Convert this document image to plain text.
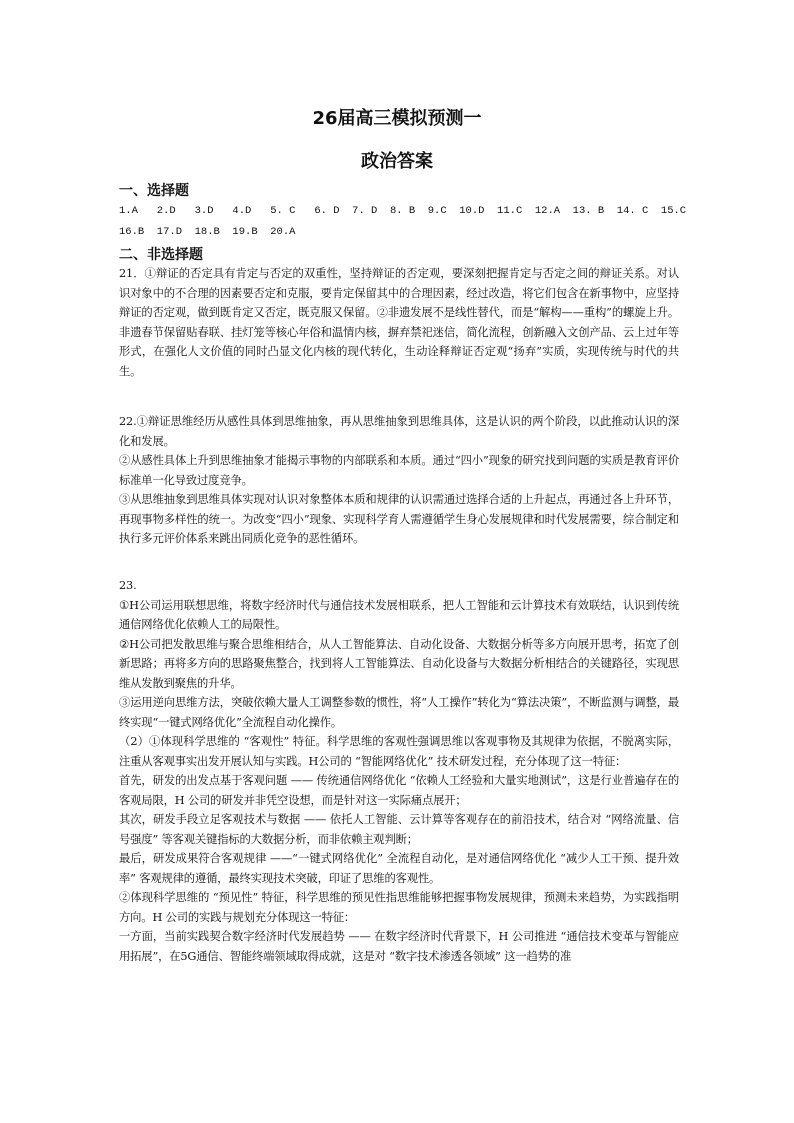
26届高三模拟预测一
政治答案
一、选择题
1.A   2.D   3.D   4.D   5. C   6. D  7. D  8. B  9.C  10.D  11.C  12.A  13. B  14. C  15.C
16.B  17.D  18.B  19.B  20.A
二、非选择题

21．①辩证的否定具有肯定与否定的双重性，坚持辩证的否定观，要深刻把握肯定与否定之间的辩证关系。对认识对象中的不合理的因素要否定和克服，要肯定保留其中的合理因素，经过改造，将它们包含在新事物中，应坚持辩证的否定观，做到既肯定又否定，既克服又保留。②非遗发展不是线性替代，而是“解构——重构”的螺旋上升。非遗春节保留贴春联、挂灯笼等核心年俗和温情内核，摒弃禁祀迷信，简化流程，创新融入文创产品、云上过年等形式，在强化人文价值的同时凸显文化内核的现代转化，生动诠释辩证否定观“扬弃”实质，实现传统与时代的共生。

22.①辩证思维经历从感性具体到思维抽象，再从思维抽象到思维具体，这是认识的两个阶段，以此推动认识的深化和发展。

②从感性具体上升到思维抽象才能揭示事物的内部联系和本质。通过“四小”现象的研究找到问题的实质是教育评价标准单一化导致过度竞争。

③从思维抽象到思维具体实现对认识对象整体本质和规律的认识需通过选择合适的上升起点，再通过各上升环节，再现事物多样性的统一。为改变“四小”现象、实现科学育人需遵循学生身心发展规律和时代发展需要，综合制定和执行多元评价体系来跳出同质化竞争的恶性循环。

23.

①H公司运用联想思维，将数字经济时代与通信技术发展相联系，把人工智能和云计算技术有效联结，认识到传统通信网络优化依赖人工的局限性。

②H公司把发散思维与聚合思维相结合，从人工智能算法、自动化设备、大数据分析等多方向展开思考，拓宽了创新思路；再将多方向的思路聚焦整合，找到将人工智能算法、自动化设备与大数据分析相结合的关键路径，实现思维从发散到聚焦的升华。

③运用逆向思维方法，突破依赖大量人工调整参数的惯性，将“人工操作”转化为“算法决策”，不断监测与调整，最终实现“一键式网络优化”全流程自动化操作。

（2）①体现科学思维的 “客观性” 特征。科学思维的客观性强调思维以客观事物及其规律为依据，不脱离实际，注重从客观事实出发开展认知与实践。H公司的 “智能网络优化” 技术研发过程，充分体现了这一特征：

首先，研发的出发点基于客观问题 —— 传统通信网络优化 “依赖人工经验和大量实地测试”，这是行业普遍存在的客观局限，H 公司的研发并非凭空设想，而是针对这一实际痛点展开；

其次，研发手段立足客观技术与数据 —— 依托人工智能、云计算等客观存在的前沿技术，结合对 “网络流量、信号强度” 等客观关键指标的大数据分析，而非依赖主观判断；

最后，研发成果符合客观规律 ——“一键式网络优化” 全流程自动化，是对通信网络优化 “减少人工干预、提升效率” 客观规律的遵循，最终实现技术突破，印证了思维的客观性。

②体现科学思维的 “预见性” 特征，科学思维的预见性指思维能够把握事物发展规律，预测未来趋势，为实践指明方向。H 公司的实践与规划充分体现这一特征：

一方面，当前实践契合数字经济时代发展趋势 —— 在数字经济时代背景下，H 公司推进 “通信技术变革与智能应用拓展”，在5G通信、智能终端领域取得成就，这是对 “数字技术渗透各领域” 这一趋势的准
